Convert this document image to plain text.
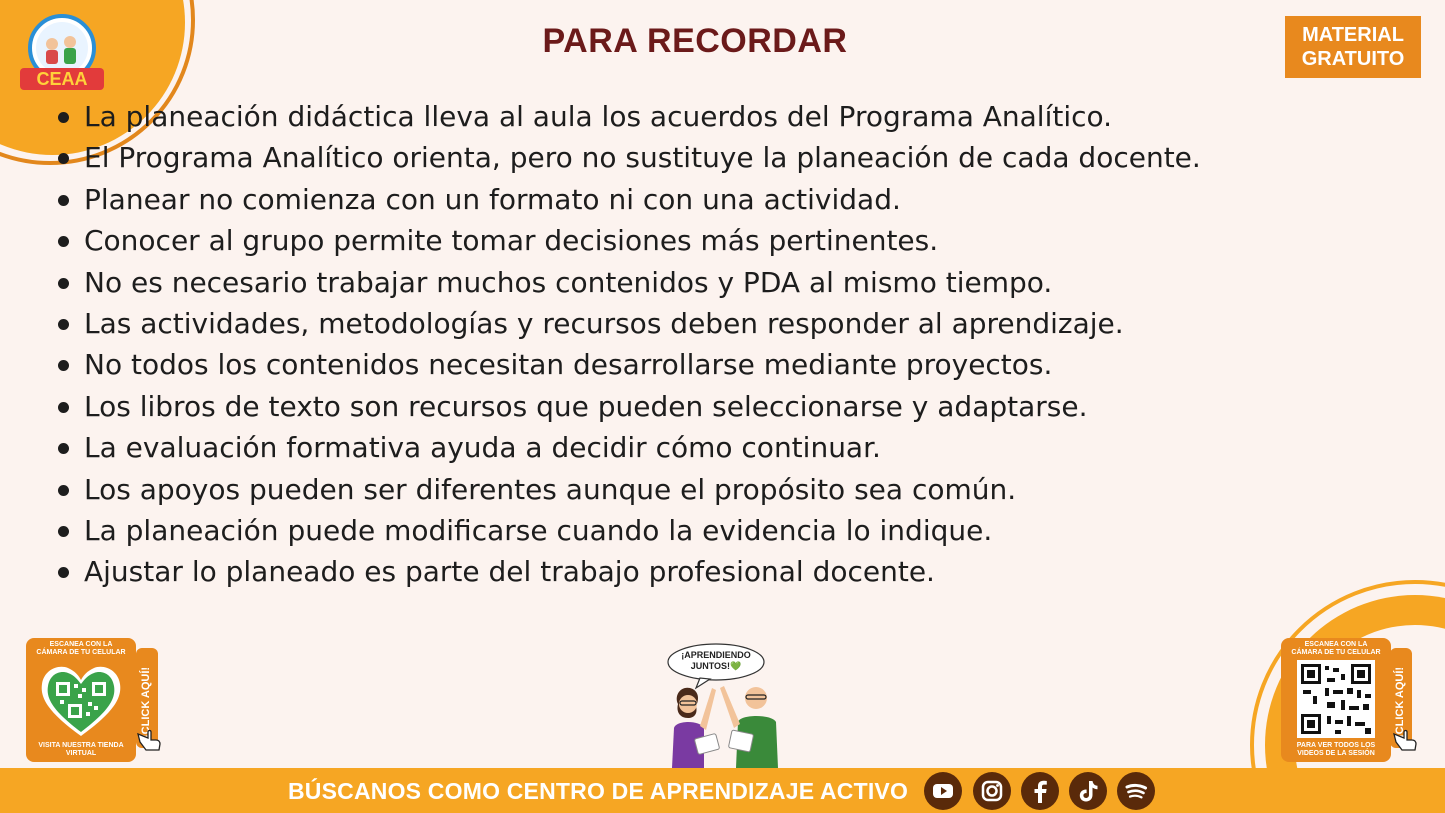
CEAA
PARA RECORDAR	MATERIAL
GRATUITO
La planeación didáctica lleva al aula los acuerdos del Programa Analítico.
El Programa Analítico orienta, pero no sustituye la planeación de cada docente.
Planear no comienza con un formato ni con una actividad.
Conocer al grupo permite tomar decisiones más pertinentes.
No es necesario trabajar muchos contenidos y PDA al mismo tiempo.
Las actividades, metodologías y recursos deben responder al aprendizaje.
No todos los contenidos necesitan desarrollarse mediante proyectos.
Los libros de texto son recursos que pueden seleccionarse y adaptarse.
La evaluación formativa ayuda a decidir cómo continuar.
Los apoyos pueden ser diferentes aunque el propósito sea común.
La planeación puede modificarse cuando la evidencia lo indique.
Ajustar lo planeado es parte del trabajo profesional docente.
ESCANEA CON LA
CÁMARA DE TU CELULAR
VISITA NUESTRA TIENDA
VIRTUAL
¡CLICK AQUÍ!
ESCANEA CON LA
CÁMARA DE TU CELULAR
PARA VER TODOS LOS
VIDEOS DE LA SESIÓN
¡CLICK AQUÍ!
¡APRENDIENDO
JUNTOS!💚
BÚSCANOS COMO CENTRO DE APRENDIZAJE ACTIVO
